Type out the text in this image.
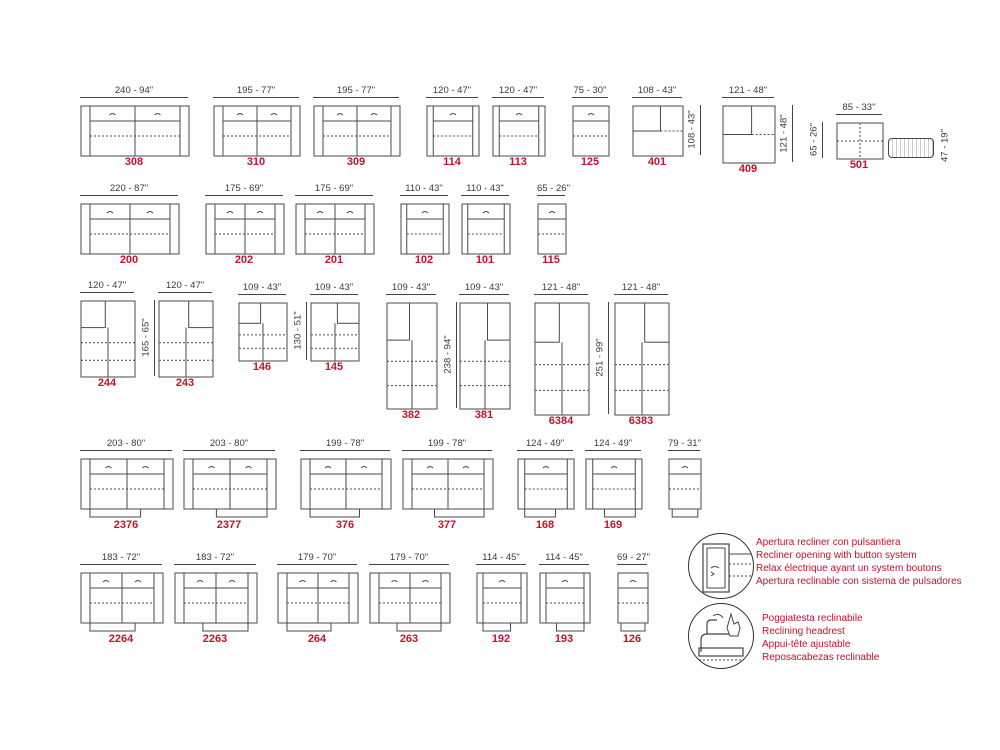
240 - 94"
308
195 - 77"
310
195 - 77"
309
120 - 47"
114
120 - 47"
113
75 - 30"
125
108 - 43"
108 - 43"
401
121 - 48"
121 - 48"
409
85 - 33"
65 - 26"	47 - 19"
501
220 - 87"
200
175 - 69"
202
175 - 69"
201
110 - 43"
102
110 - 43"
101
65 - 26"
115
120 - 47"
165 - 65"
244
120 - 47"
243
109 - 43"
130 - 51"
146
109 - 43"
145
109 - 43"
238 - 94"
382
109 - 43"
381
121 - 48"
251 - 99"
6384
121 - 48"
6383
203 - 80"
2376
203 - 80"
2377
199 - 78"
376
199 - 78"
377
124 - 49"
168
124 - 49"
169
79 - 31"
183 - 72"
2264
183 - 72"
2263
179 - 70"
264
179 - 70"
263
114 - 45"
192
114 - 45"
193
69 - 27"
126
Apertura recliner con pulsantiera
Recliner opening with button system
Relax électrique ayant un system boutons
Apertura reclinable con sistema de pulsadores
Poggiatesta reclinabile
Reclining headrest
Appui-tête ajustable
Reposacabezas reclinable
